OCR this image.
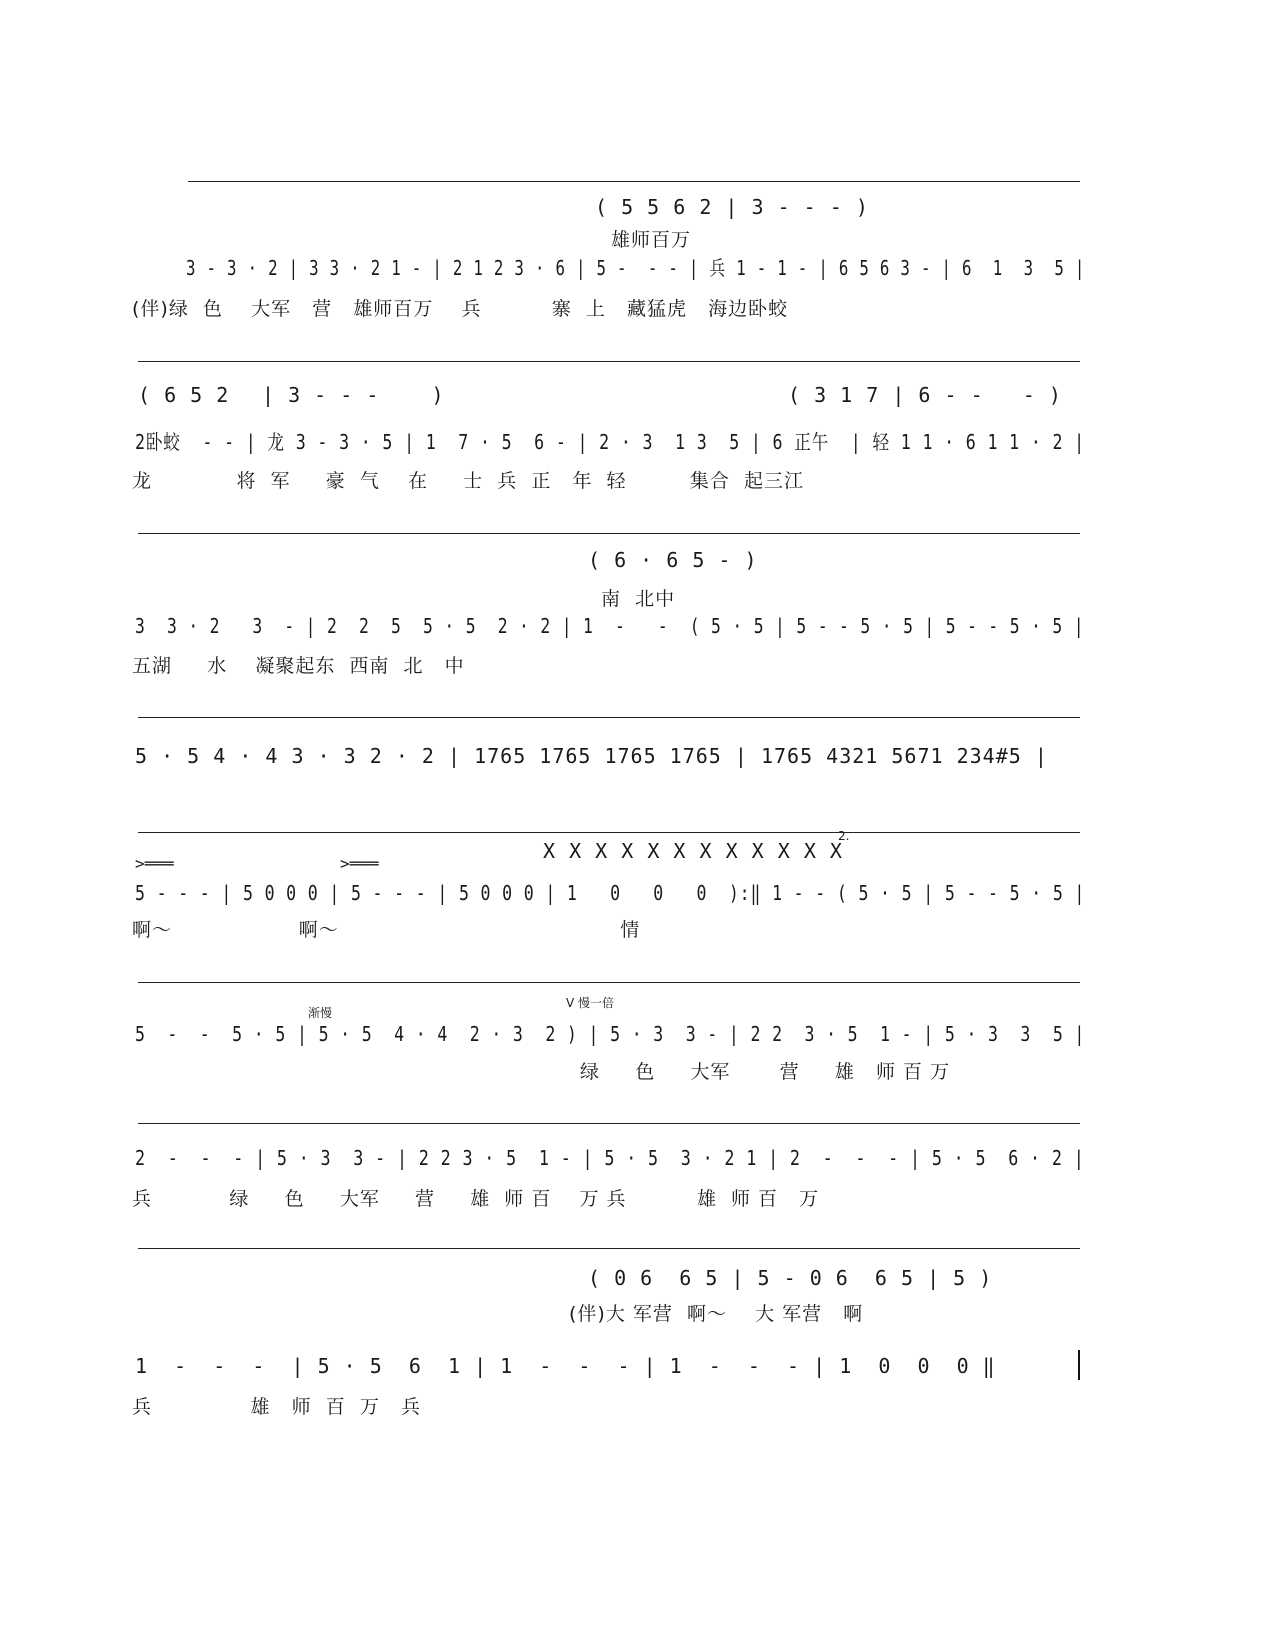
( 5 5 6 2 | 3 - - - )
雄师百万
3 - 3 · 2 | 3 3 · 2 1 - | 2 1 2 3 · 6 | 5 -  - - | 兵 1 - 1 - | 6 5 6 3 - | 6  1  3  5 |
(伴)绿  色    大军   营   雄师百万    兵          寨  上   藏猛虎   海边卧蛟
( 6 5 2 | 3 - - -    )	( 3 1 7 | 6 - -   - )
2卧蛟  - - | 龙 3 - 3 · 5 | 1  7 · 5  6 - | 2 · 3  1 3  5 | 6 正午  | 轻 1 1 · 6 1 1 · 2 |
龙            将  军     豪  气    在     士  兵  正   年  轻         集合  起三江
( 6 · 6 5 - )
南  北中
3  3 · 2   3  - | 2  2  5  5 · 5  2 · 2 | 1  -   -  ( 5 · 5 | 5 - - 5 · 5 | 5 - - 5 · 5 |
五湖     水    凝聚起东  西南  北   中
5 · 5 4 · 4 3 · 3 2 · 2 | 1765 1765 1765 1765 | 1765 4321 5671 234#5 |
X X X X X X X X X X X X
2.
>═══	>═══
5 - - - | 5 0 0 0 | 5 - - - | 5 0 0 0 | 1   0   0   0  ):‖ 1 - - ( 5 · 5 | 5 - - 5 · 5 |
啊～                  啊～                                        情
渐慢
V 慢一倍
5  -  -  5 · 5 | 5 · 5  4 · 4  2 · 3  2 ) | 5 · 3  3 - | 2 2  3 · 5  1 - | 5 · 3  3  5 |
绿     色     大军       营     雄   师 百 万
2  -  -  - | 5 · 3  3 - | 2 2 3 · 5  1 - | 5 · 5  3 · 2 1 | 2  -  -  - | 5 · 5  6 · 2 |
兵           绿     色     大军     营     雄  师 百    万 兵          雄  师 百   万
( 0 6  6 5 | 5 - 0 6  6 5 | 5 )
(伴)大 军营  啊～    大 军营   啊
1  -  -  -  | 5 · 5  6  1 | 1  -  -  - | 1  -  -  - | 1  0  0  0 ‖
兵              雄   师  百  万   兵
